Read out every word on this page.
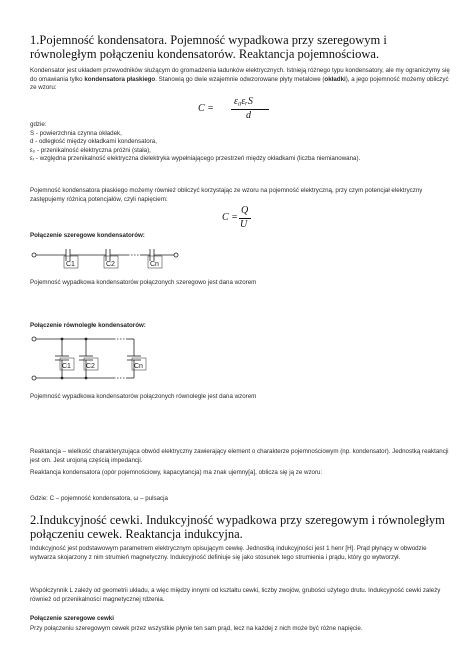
1.Pojemność kondensatora. Pojemność wypadkowa przy szeregowym i równoległym połączeniu kondensatorów. Reaktancja pojemnościowa.
Kondensator jest układem przewodników służącym do gromadzenia ładunków elektrycznych. Istnieją różnego typu kondensatory, ale my ograniczymy się do omawiania tylko kondensatora płaskiego. Stanowią go dwie wzajemnie odwzorowane płyty metalowe (okładki), a jego pojemność możemy obliczyć ze wzoru:
C =
ε₀εᵣS
d
gdzie:
S - powierzchnia czynna okładek,
d - odległość między okładkami kondensatora,
ε₀ - przenikalność elektryczna próżni (stała),
εᵣ - względna przenikalność elektryczna dielektryka wypełniającego przestrzeń między okładkami (liczba niemianowana).
Pojemność kondensatora płaskiego możemy również obliczyć korzystając ze wzoru na pojemność elektryczną, przy czym potencjał elektryczny zastępujemy różnicą potencjałów, czyli napięciem:
C =
Q
U
Połączenie szeregowe kondensatorów:
C1	C2	Cn
Pojemność wypadkowa kondensatorów połączonych szeregowo jest dana wzorem
Połączenie równoległe kondensatorów:
C1 C2	Cn
Pojemność wypadkowa kondensatorów połączonych równolegle jest dana wzorem
Reaktancja – wielkość charakteryzująca obwód elektryczny zawierający element o charakterze pojemnościowym (np. kondensator). Jednostką reaktancji jest om. Jest urojoną częścią impedancji.
Reaktancja kondensatora (opór pojemnościowy, kapacytancja) ma znak ujemny[a], oblicza się ją ze wzoru:
Gdzie: C – pojemność kondensatora, ω – pulsacja
2.Indukcyjność cewki. Indukcyjność wypadkowa przy szeregowym i równoległym połączeniu cewek. Reaktancja indukcyjna.
Indukcyjność jest podstawowym parametrem elektrycznym opisującym cewkę. Jednostką indukcyjności jest 1 henr [H]. Prąd płynący w obwodzie wytwarza skojarzony z nim strumień magnetyczny. Indukcyjność definiuje się jako stosunek tego strumienia i prądu, który go wytworzył.
Współczynnik L zależy od geometrii układu, a więc między innymi od kształtu cewki, liczby zwojów, grubości użytego drutu. Indukcyjność cewki zależy również od przenikalności magnetycznej rdzenia.
Połączenie szeregowe cewki
Przy połączeniu szeregowym cewek przez wszystkie płynie ten sam prąd, lecz na każdej z nich może być różne napięcie.
